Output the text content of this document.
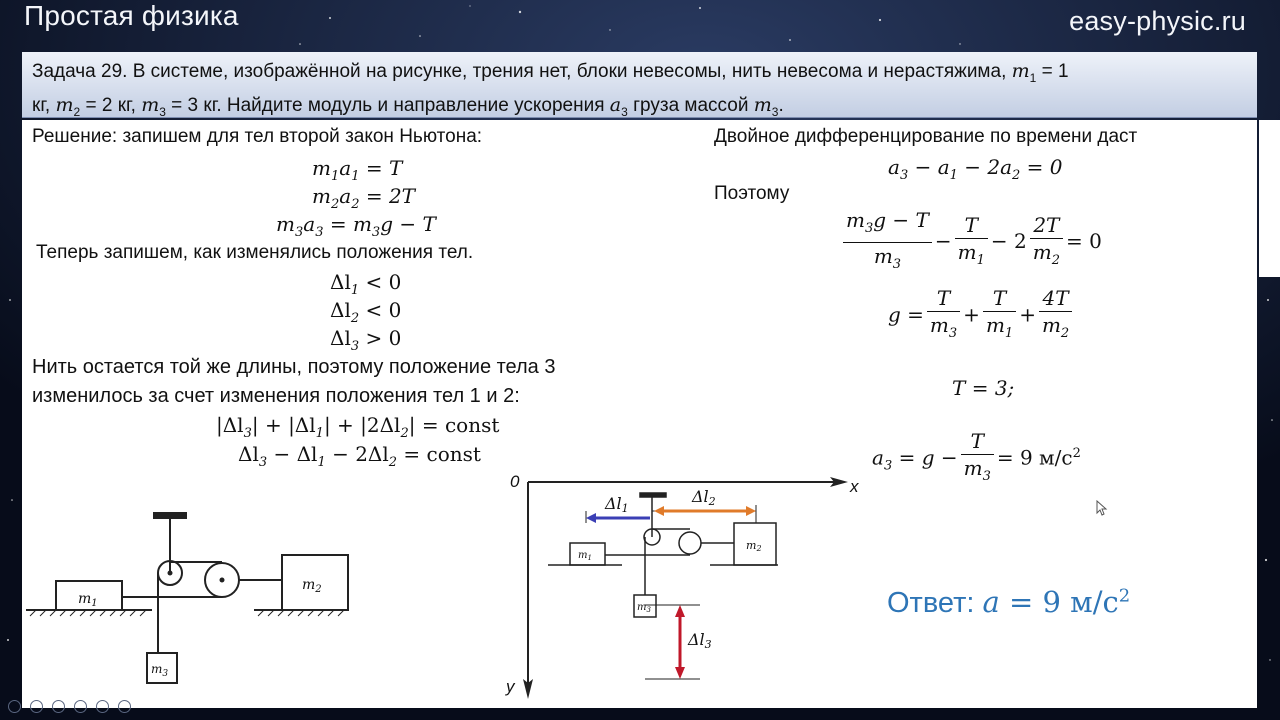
Простая физика	easy-physic.ru
Задача 29. В системе, изображённой на рисунке, трения нет, блоки невесомы, нить невесома и нерастяжима, $m_1 = 1$
кг, $m_2 = 2$ кг, $m_3 = 3$ кг. Найдите модуль и направление ускорения $a_3$ груза массой $m_3$.
Решение: запишем для тел второй закон Ньютона:
$m_1a_1 = T$
$m_2a_2 = 2T$
$m_3a_3 = m_3g - T$
Теперь запишем, как изменялись положения тел.
$\Delta l_1 < 0$
$\Delta l_2 < 0$
$\Delta l_3 > 0$
Нить остается той же длины, поэтому положение тела 3
изменилось за счет изменения положения тел 1 и 2:
$|\Delta l_3| + |\Delta l_1| + |2\Delta l_2|$ = const
$\Delta l_3 - \Delta l_1 - 2\Delta l_2$ = const
$m_1$
$m_2$
$m_3$
0	x
y
Δl1
Δl2
Δl3
$m_1$
m2
$m_3$
Двойное дифференцирование по времени даст
$a_3 - a_1 - 2a_2 = 0$
Поэтому
$\frac{m_3g - T}{m_3} - \frac{T}{m_1} - 2 \frac{2T}{m_2} = 0$
$g = \frac{T}{m_3} + \frac{T}{m_1} + \frac{4T}{m_2}$
T = 3;
$a_3 = g - \frac{T}{m_3} = 9$ $м/с^2$
Ответ: a = 9 $м/с^2$
